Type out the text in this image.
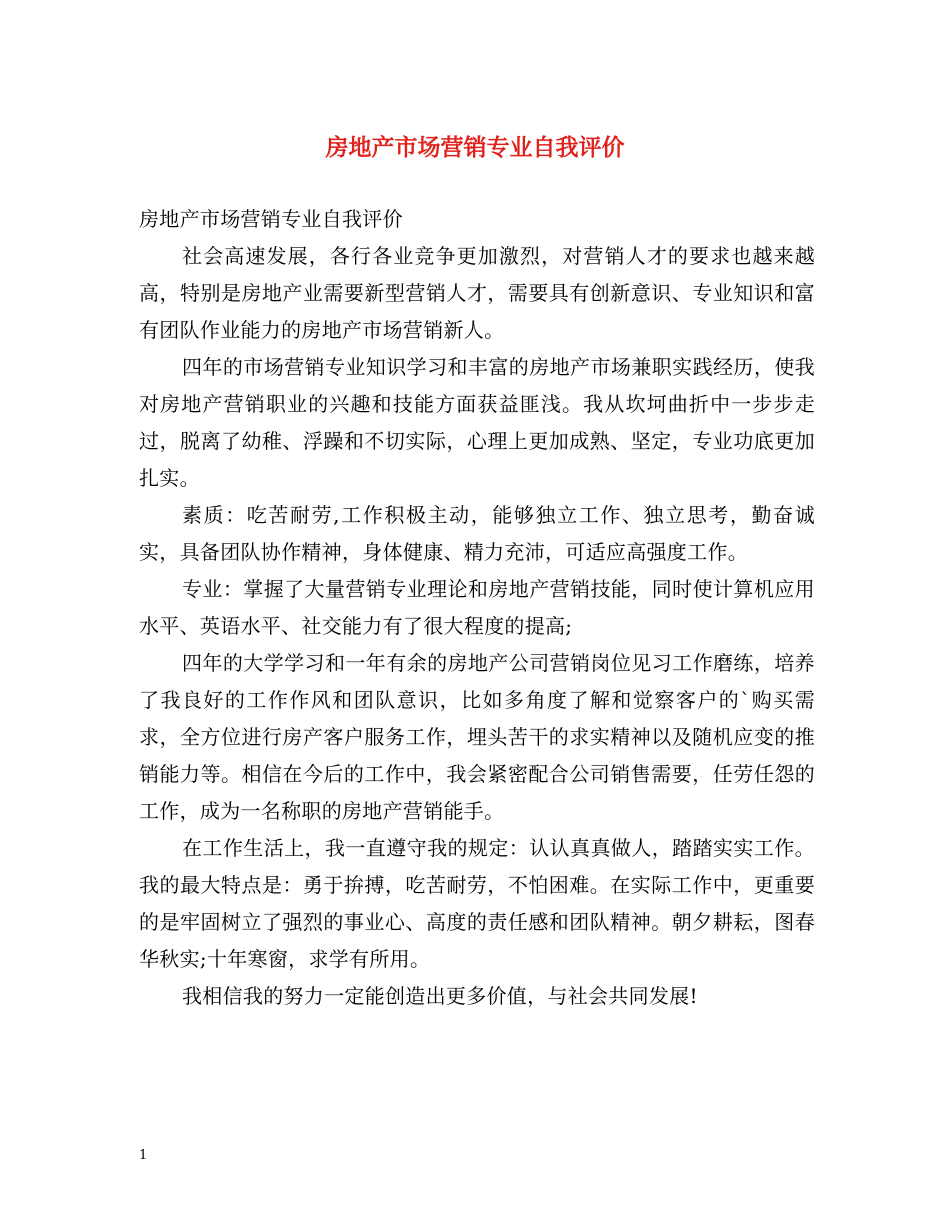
房地产市场营销专业自我评价

房地产市场营销专业自我评价

社会高速发展，各行各业竞争更加激烈，对营销人才的要求也越来越高，特别是房地产业需要新型营销人才，需要具有创新意识、专业知识和富有团队作业能力的房地产市场营销新人。

四年的市场营销专业知识学习和丰富的房地产市场兼职实践经历，使我对房地产营销职业的兴趣和技能方面获益匪浅。我从坎坷曲折中一步步走过，脱离了幼稚、浮躁和不切实际，心理上更加成熟、坚定，专业功底更加扎实。

素质：吃苦耐劳,工作积极主动，能够独立工作、独立思考，勤奋诚实，具备团队协作精神，身体健康、精力充沛，可适应高强度工作。

专业：掌握了大量营销专业理论和房地产营销技能，同时使计算机应用水平、英语水平、社交能力有了很大程度的提高;

四年的大学学习和一年有余的房地产公司营销岗位见习工作磨练，培养了我良好的工作作风和团队意识，比如多角度了解和觉察客户的`购买需求，全方位进行房产客户服务工作，埋头苦干的求实精神以及随机应变的推销能力等。相信在今后的工作中，我会紧密配合公司销售需要，任劳任怨的工作，成为一名称职的房地产营销能手。

在工作生活上，我一直遵守我的规定：认认真真做人，踏踏实实工作。我的最大特点是：勇于拚搏，吃苦耐劳，不怕困难。在实际工作中，更重要的是牢固树立了强烈的事业心、高度的责任感和团队精神。朝夕耕耘，图春华秋实;十年寒窗，求学有所用。

我相信我的努力一定能创造出更多价值，与社会共同发展!

1
